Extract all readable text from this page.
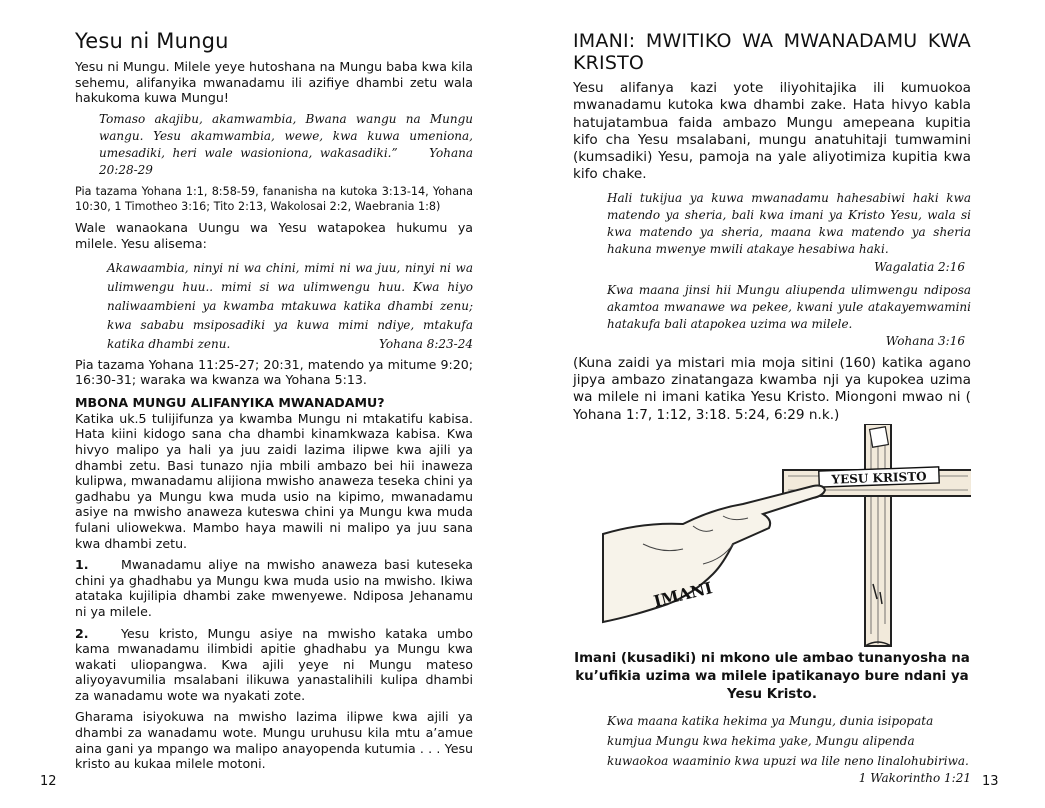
Yesu ni Mungu

Yesu ni Mungu. Milele yeye hutoshana na Mungu baba kwa kila sehemu, alifanyika mwanadamu ili azifiye dhambi zetu wala hakukoma kuwa Mungu!

Tomaso akajibu, akamwambia, Bwana wangu na Mungu wangu. Yesu akamwambia, wewe, kwa kuwa umeniona, umesadiki, heri wale wasioniona, wakasadiki.”	Yohana 20:28-29

Pia tazama Yohana 1:1, 8:58-59, fananisha na kutoka 3:13-14, Yohana 10:30, 1 Timotheo 3:16; Tito 2:13, Wakolosai 2:2, Waebrania 1:8)

Wale wanaokana Uungu wa Yesu watapokea hukumu ya milele. Yesu alisema:

Akawaambia, ninyi ni wa chini, mimi ni wa juu, ninyi ni wa ulimwengu huu.. mimi si wa ulimwengu huu. Kwa hiyo naliwaambieni ya kwamba mtakuwa katika dhambi zenu; kwa sababu msiposadiki ya kuwa mimi ndiye, mtakufa katika dhambi zenu.	Yohana 8:23-24

Pia tazama Yohana 11:25-27; 20:31, matendo ya mitume 9:20; 16:30-31; waraka wa kwanza wa Yohana 5:13.

MBONA MUNGU ALIFANYIKA MWANADAMU?

Katika uk.5 tulijifunza ya kwamba Mungu ni mtakatifu kabisa. Hata kiini kidogo sana cha dhambi kinamkwaza kabisa. Kwa hivyo malipo ya hali ya juu zaidi lazima ilipwe kwa ajili ya dhambi zetu. Basi tunazo njia mbili ambazo bei hii inaweza kulipwa, mwanadamu alijiona mwisho anaweza teseka chini ya gadhabu ya Mungu kwa muda usio na kipimo, mwanadamu asiye na mwisho anaweza kuteswa chini ya Mungu kwa muda fulani uliowekwa. Mambo haya mawili ni malipo ya juu sana kwa dhambi zetu.

1.	Mwanadamu aliye na mwisho anaweza basi kuteseka chini ya ghadhabu ya Mungu kwa muda usio na mwisho. Ikiwa atataka kujilipia dhambi zake mwenyewe. Ndiposa Jehanamu ni ya milele.

2.	Yesu kristo, Mungu asiye na mwisho kataka umbo kama mwanadamu ilimbidi apitie ghadhabu ya Mungu kwa wakati uliopangwa. Kwa ajili yeye ni Mungu mateso aliyoyavumilia msalabani ilikuwa yanastalihili kulipa dhambi za wanadamu wote wa nyakati zote.

Gharama isiyokuwa na mwisho lazima ilipwe kwa ajili ya dhambi za wanadamu wote. Mungu uruhusu kila mtu a’amue aina gani ya mpango wa malipo anayopenda kutumia . . . Yesu kristo au kukaa milele motoni.

12
IMANI: MWITIKO WA MWANADAMU KWA KRISTO

Yesu alifanya kazi yote iliyohitajika ili kumuokoa mwanadamu kutoka kwa dhambi zake. Hata hivyo kabla hatujatambua faida ambazo Mungu amepeana kupitia kifo cha Yesu msalabani, mungu anatuhitaji tumwamini (kumsadiki) Yesu, pamoja na yale aliyotimiza kupitia kwa kifo chake.

Hali tukijua ya kuwa mwanadamu hahesabiwi haki kwa matendo ya sheria, bali kwa imani ya Kristo Yesu, wala si kwa matendo ya sheria, maana kwa matendo ya sheria hakuna mwenye mwili atakaye hesabiwa haki.

Wagalatia 2:16

Kwa maana jinsi hii Mungu aliupenda ulimwengu ndiposa akamtoa mwanawe wa pekee, kwani yule atakayemwamini hatakufa bali atapokea uzima wa milele.

Wohana 3:16

(Kuna zaidi ya mistari mia moja sitini (160) katika agano jipya ambazo zinatangaza kwamba nji ya kupokea uzima wa milele ni imani katika Yesu Kristo. Miongoni mwao ni ( Yohana 1:7, 1:12, 3:18. 5:24, 6:29 n.k.)

YESU KRISTO
IMANI

Imani (kusadiki) ni mkono ule ambao tunanyosha na ku’ufikia uzima wa milele ipatikanayo bure ndani ya Yesu Kristo.

Kwa maana katika hekima ya Mungu, dunia isipopata kumjua Mungu kwa hekima yake, Mungu alipenda kuwaokoa waaminio kwa upuzi wa lile neno linalohubiriwa.
1 Wakorintho 1:21 13
